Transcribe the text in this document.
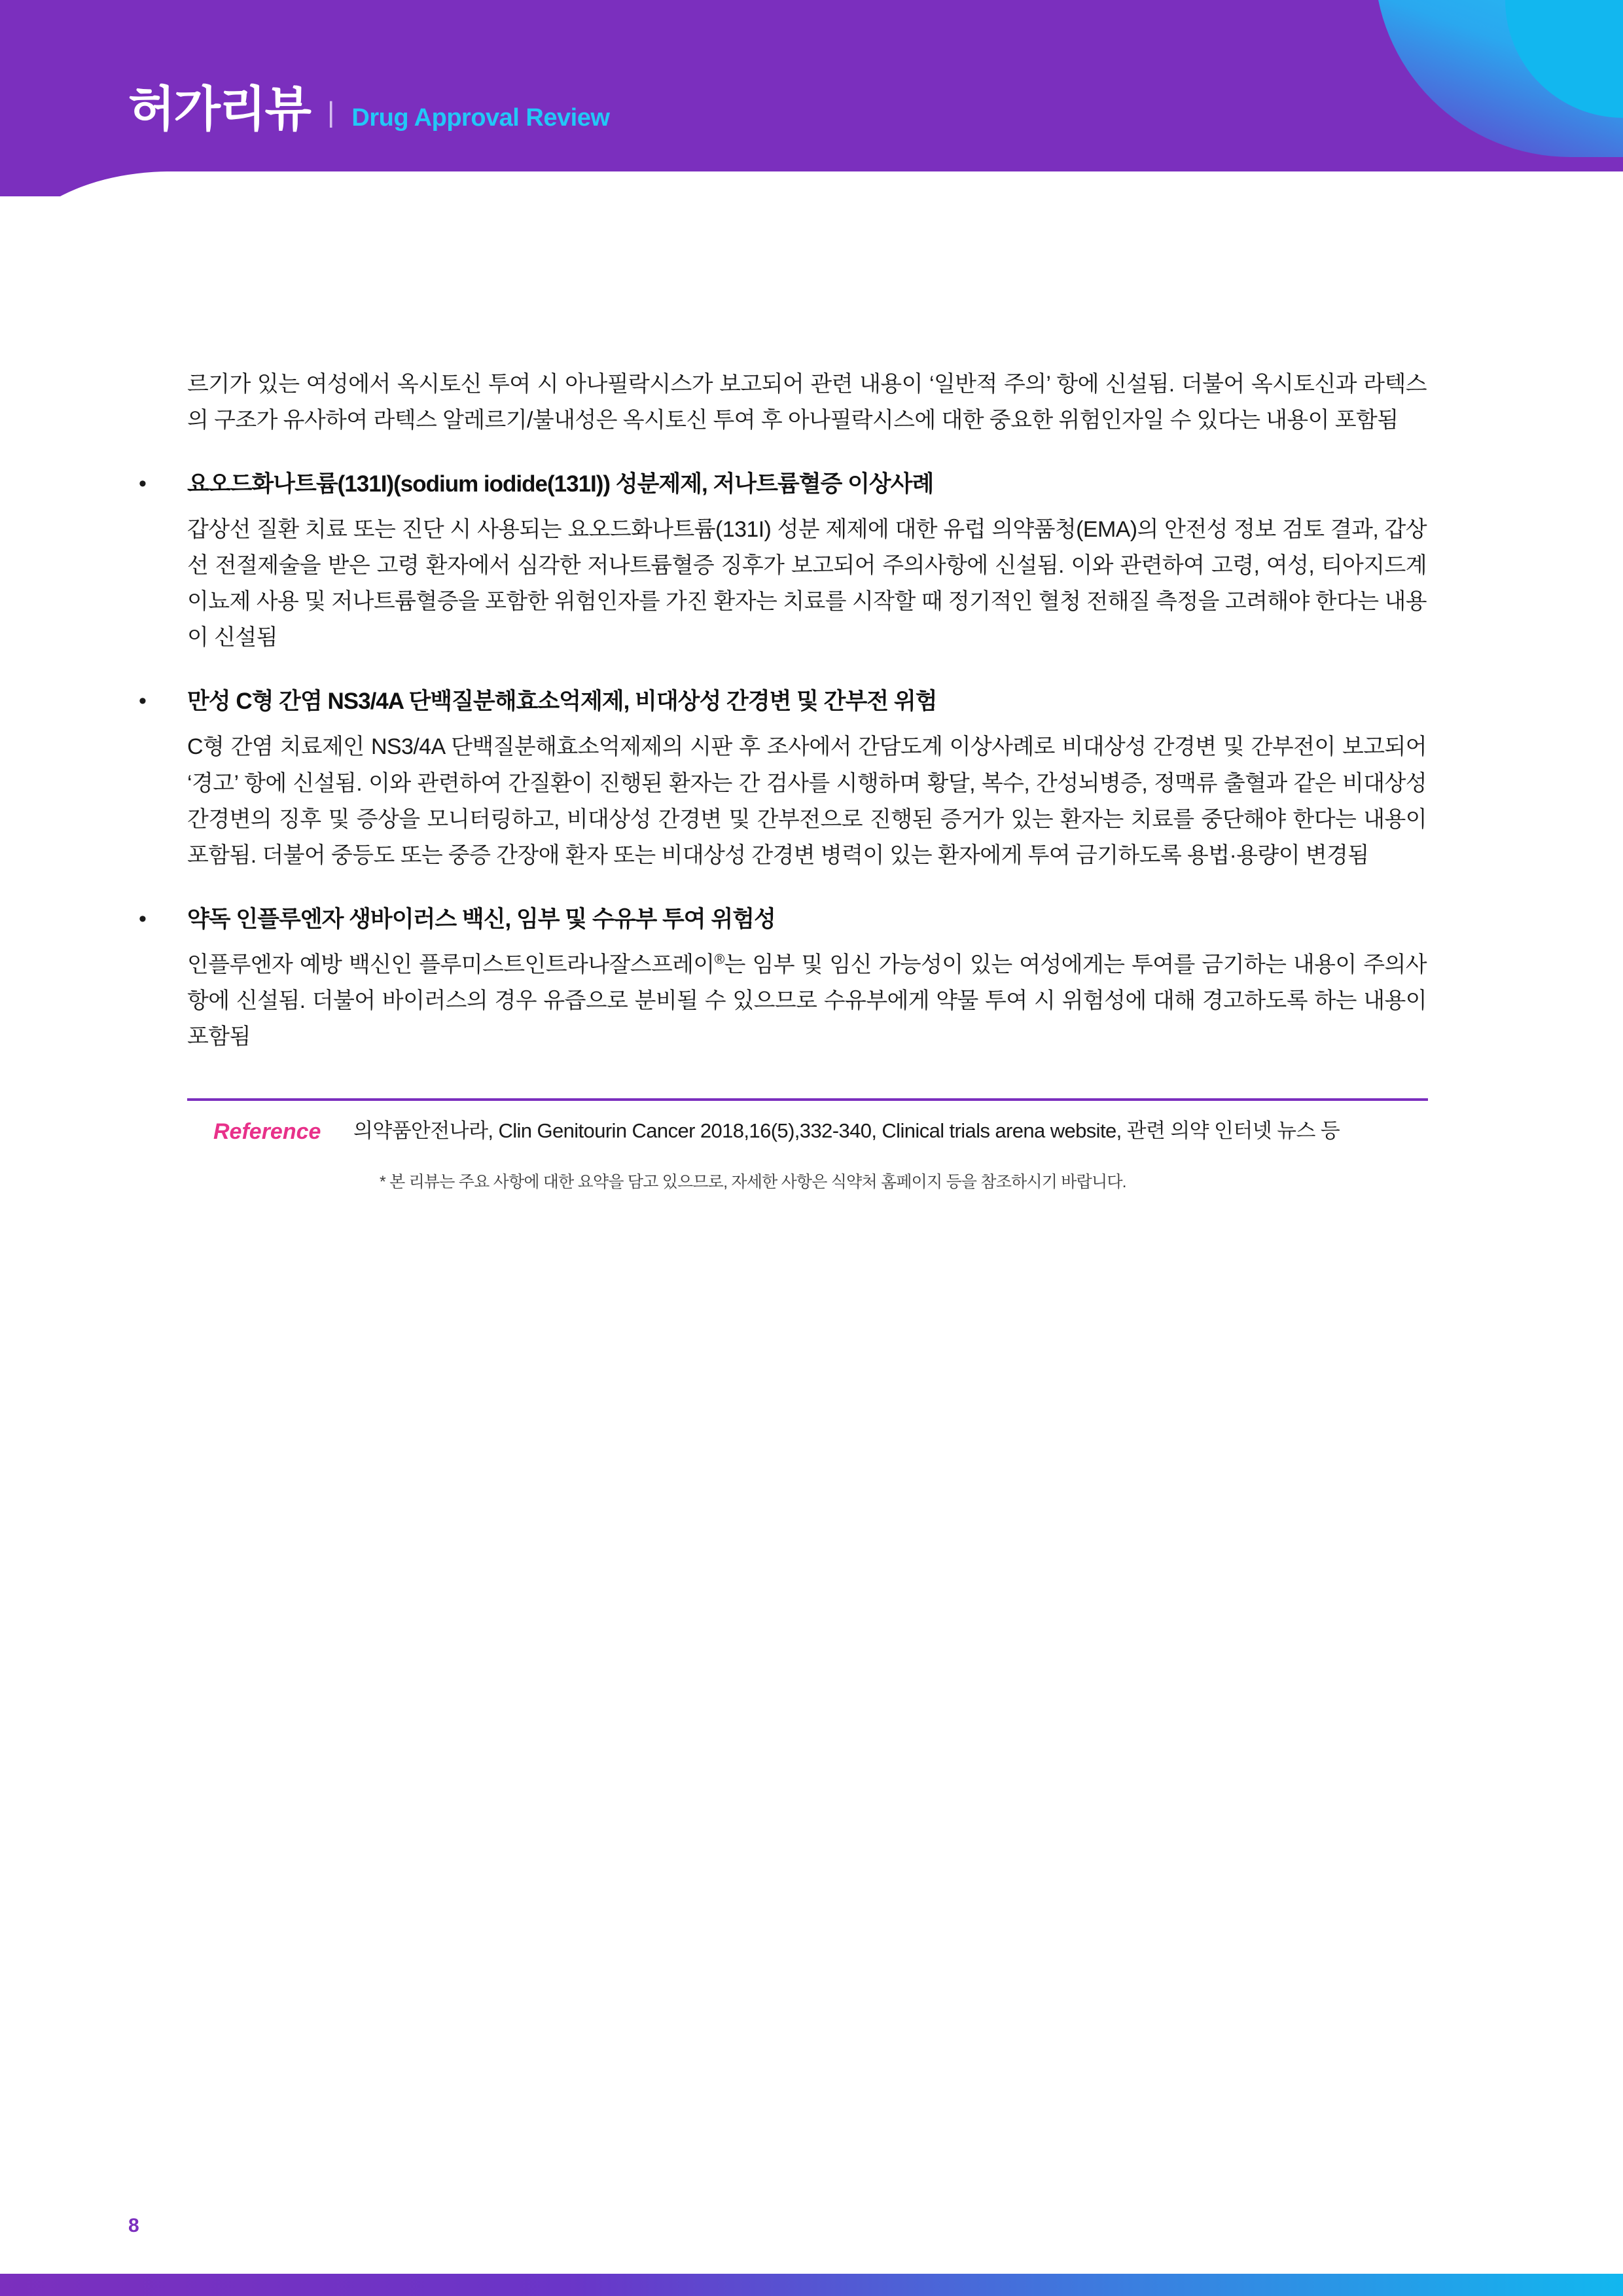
허가리뷰 | Drug Approval Review

르기가 있는 여성에서 옥시토신 투여 시 아나필락시스가 보고되어 관련 내용이 ‘일반적 주의’ 항에 신설됨. 더불어 옥시토신과 라텍스의 구조가 유사하여 라텍스 알레르기/불내성은 옥시토신 투여 후 아나필락시스에 대한 중요한 위험인자일 수 있다는 내용이 포함됨

•	요오드화나트륨(131I)(sodium iodide(131I)) 성분제제, 저나트륨혈증 이상사례

갑상선 질환 치료 또는 진단 시 사용되는 요오드화나트륨(131I) 성분 제제에 대한 유럽 의약품청(EMA)의 안전성 정보 검토 결과, 갑상선 전절제술을 받은 고령 환자에서 심각한 저나트륨혈증 징후가 보고되어 주의사항에 신설됨. 이와 관련하여 고령, 여성, 티아지드계 이뇨제 사용 및 저나트륨혈증을 포함한 위험인자를 가진 환자는 치료를 시작할 때 정기적인 혈청 전해질 측정을 고려해야 한다는 내용이 신설됨

•	만성 C형 간염 NS3/4A 단백질분해효소억제제, 비대상성 간경변 및 간부전 위험

C형 간염 치료제인 NS3/4A 단백질분해효소억제제의 시판 후 조사에서 간담도계 이상사례로 비대상성 간경변 및 간부전이 보고되어 ‘경고’ 항에 신설됨. 이와 관련하여 간질환이 진행된 환자는 간 검사를 시행하며 황달, 복수, 간성뇌병증, 정맥류 출혈과 같은 비대상성 간경변의 징후 및 증상을 모니터링하고, 비대상성 간경변 및 간부전으로 진행된 증거가 있는 환자는 치료를 중단해야 한다는 내용이 포함됨. 더불어 중등도 또는 중증 간장애 환자 또는 비대상성 간경변 병력이 있는 환자에게 투여 금기하도록 용법·용량이 변경됨

•	약독 인플루엔자 생바이러스 백신, 임부 및 수유부 투여 위험성

인플루엔자 예방 백신인 플루미스트인트라나잘스프레이®는 임부 및 임신 가능성이 있는 여성에게는 투여를 금기하는 내용이 주의사항에 신설됨. 더불어 바이러스의 경우 유즙으로 분비될 수 있으므로 수유부에게 약물 투여 시 위험성에 대해 경고하도록 하는 내용이 포함됨

Reference	의약품안전나라, Clin Genitourin Cancer 2018,16(5),332-340, Clinical trials arena website, 관련 의약 인터넷 뉴스 등
* 본 리뷰는 주요 사항에 대한 요약을 담고 있으므로, 자세한 사항은 식약처 홈페이지 등을 참조하시기 바랍니다.
8
